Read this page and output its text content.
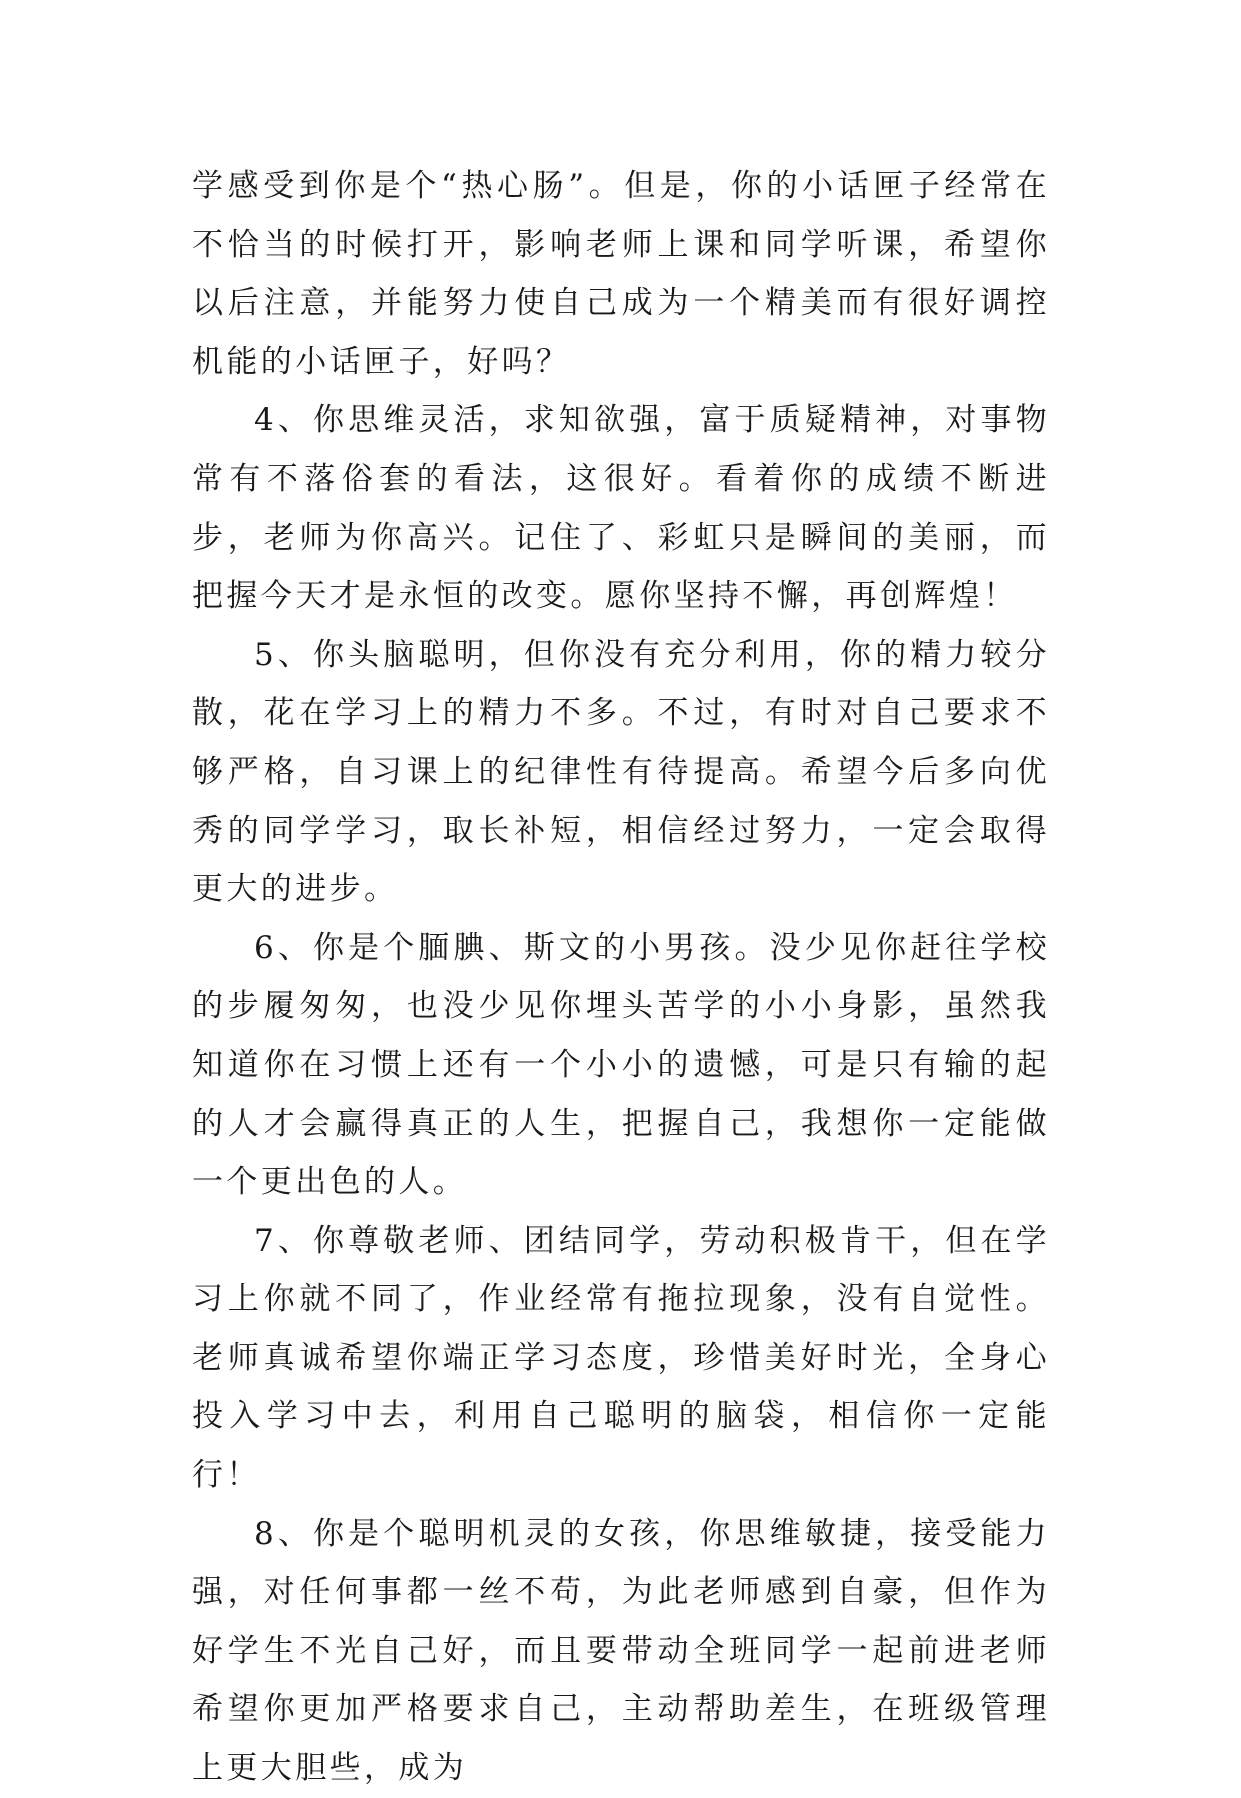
学感受到你是个“热心肠”。但是，你的小话匣子经常在不恰当的时候打开，影响老师上课和同学听课，希望你以后注意，并能努力使自己成为一个精美而有很好调控机能的小话匣子，好吗？

4、你思维灵活，求知欲强，富于质疑精神，对事物常有不落俗套的看法，这很好。看着你的成绩不断进步，老师为你高兴。记住了、彩虹只是瞬间的美丽，而把握今天才是永恒的改变。愿你坚持不懈，再创辉煌！

5、你头脑聪明，但你没有充分利用，你的精力较分散，花在学习上的精力不多。不过，有时对自己要求不够严格，自习课上的纪律性有待提高。希望今后多向优秀的同学学习，取长补短，相信经过努力，一定会取得更大的进步。

6、你是个腼腆、斯文的小男孩。没少见你赶往学校的步履匆匆，也没少见你埋头苦学的小小身影，虽然我知道你在习惯上还有一个小小的遗憾，可是只有输的起的人才会赢得真正的人生，把握自己，我想你一定能做一个更出色的人。

7、你尊敬老师、团结同学，劳动积极肯干，但在学习上你就不同了，作业经常有拖拉现象，没有自觉性。老师真诚希望你端正学习态度，珍惜美好时光，全身心投入学习中去，利用自己聪明的脑袋，相信你一定能行！

8、你是个聪明机灵的女孩，你思维敏捷，接受能力强，对任何事都一丝不苟，为此老师感到自豪，但作为好学生不光自己好，而且要带动全班同学一起前进老师希望你更加严格要求自己，主动帮助差生，在班级管理上更大胆些，成为
